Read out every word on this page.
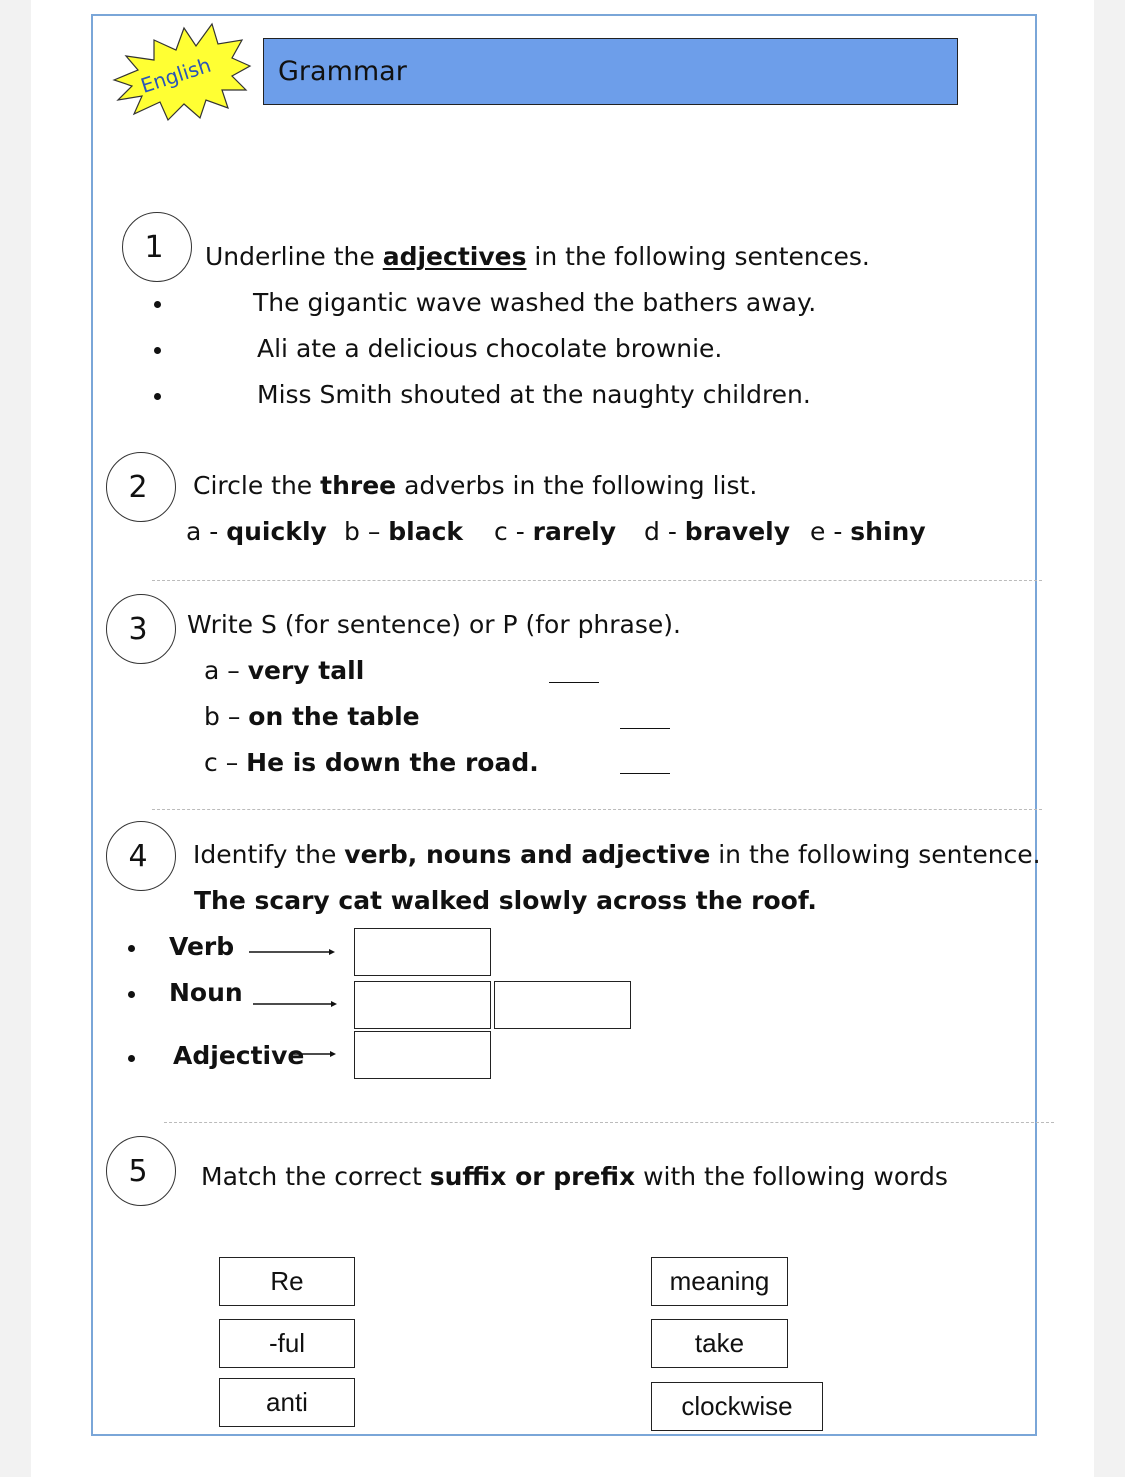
English Grammar
1 Underline the adjectives in the following sentences.
The gigantic wave washed the bathers away.
Ali ate a delicious chocolate brownie.
Miss Smith shouted at the naughty children.
2 Circle the three adverbs in the following list.
a - quickly b – black c - rarely d - bravely e - shiny
3 Write S (for sentence) or P (for phrase).
a – very tall
b – on the table
c – He is down the road.
4 Identify the verb, nouns and adjective in the following sentence.
The scary cat walked slowly across the roof.
Verb
Noun
Adjective
5 Match the correct suffix or prefix with the following words
Re
-ful
anti
meaning
take
clockwise
